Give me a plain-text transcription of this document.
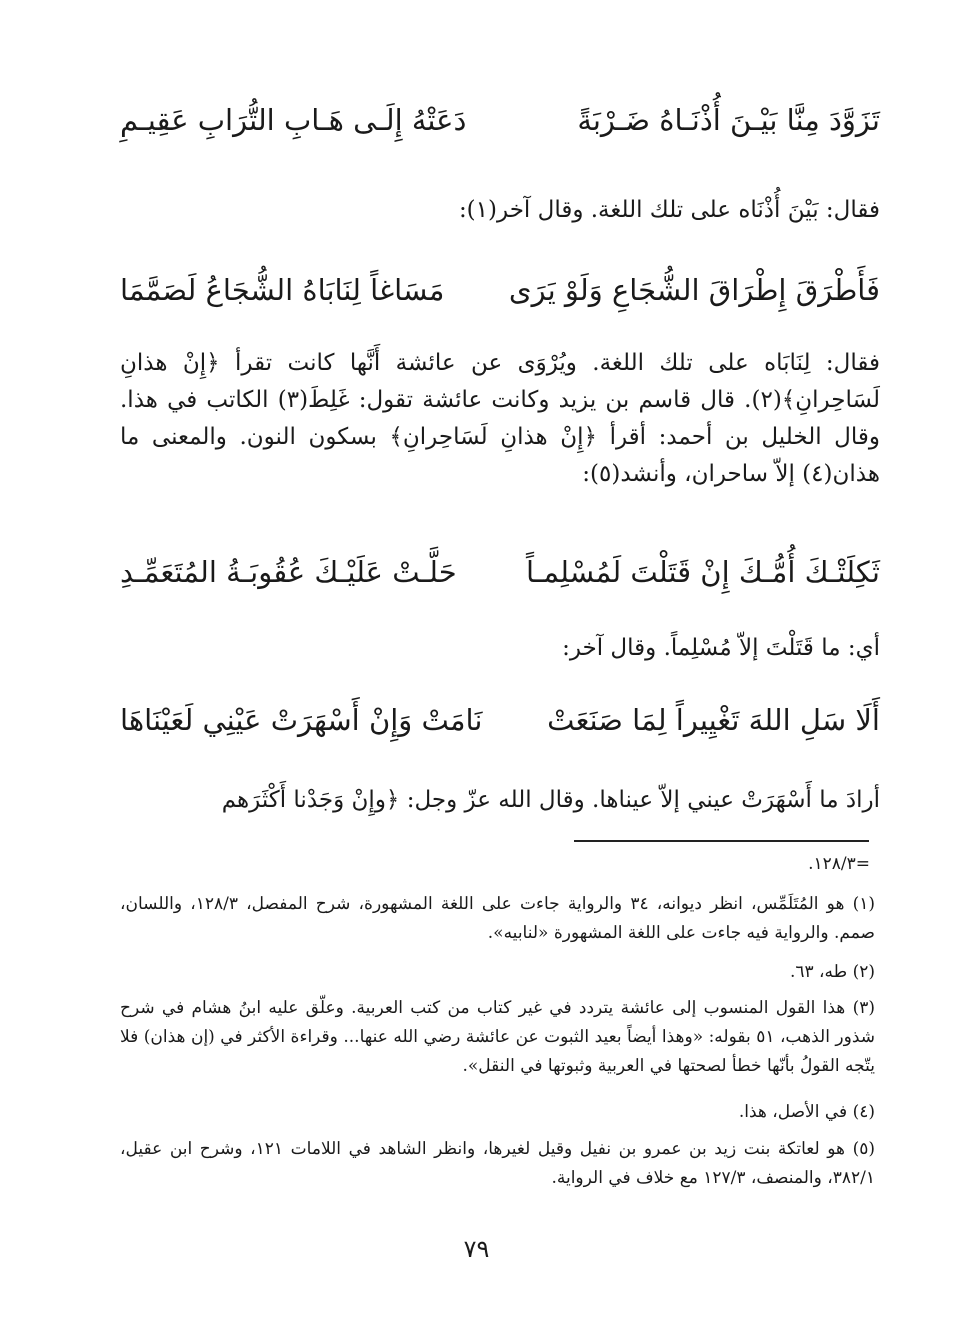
تَزَوَّدَ مِنَّا بَيْـنَ أُذْنَـاهُ ضَـرْبَةً
دَعَتْهُ إِلَـى هَـابِ التُّرَابِ عَقِيـمِ
فقال: بَيْنَ أُذْنَاه على تلك اللغة. وقال آخر(١):
فَأَطْرَقَ إِطْرَاقَ الشُّجَاعِ وَلَوْ يَرَى
مَسَاغاً لِنَابَاهُ الشُّجَاعُ لَصَمَّمَا
فقال: لِنَابَاه على تلك اللغة. ويُرْوَى عن عائشة أَنَّها كانت تقرأ ﴿إِنْ هذانِ لَسَاحِرانِ﴾(٢). قال قاسم بن يزيد وكانت عائشة تقول: غَلِطَ(٣) الكاتب في هذا. وقال الخليل بن أحمد: أقرأ ﴿إِنْ هذانِ لَسَاحِرانِ﴾ بسكون النون. والمعنى ما هذان(٤) إلاّ ساحران، وأنشد(٥):
ثَكِلَتْـكَ أُمُّـكَ إِنْ قَتَلْتَ لَمُسْلِمـاً
حَلَّـتْ عَلَيْـكَ عُقُوبَـةُ المُتَعَمِّـدِ
أي: ما قَتَلْتَ إلاّ مُسْلِماً. وقال آخر:
أَلَا سَلِ اللهَ تَغْيِيراً لِمَا صَنَعَتْ
نَامَتْ وَإِنْ أَسْهَرَتْ عَيْنِي لَعَيْنَاهَا
أرادَ ما أَسْهَرَتْ عيني إلاّ عيناها. وقال الله عزّ وجل: ﴿وإِنْ وَجَدْنا أَكْثَرَهم
=١٢٨/٣.
(١) هو المُتَلَمِّس، انظر ديوانه، ٣٤ والرواية جاءت على اللغة المشهورة، شرح المفصل، ١٢٨/٣، واللسان، صمم. والرواية فيه جاءت على اللغة المشهورة «لنابيه».
(٢) طه، ٦٣.
(٣) هذا القول المنسوب إلى عائشة يتردد في غير كتاب من كتب العربية. وعلّق عليه ابنُ هشام في شرح شذور الذهب، ٥١ بقوله: «وهذا أيضاً بعيد الثبوت عن عائشة رضي الله عنها... وقراءة الأكثر في (إن هذان) فلا يتّجه القولُ بأنّها خطأ لصحتها في العربية وثبوتها في النقل».
(٤) في الأصل، هذا.
(٥) هو لعاتكة بنت زيد بن عمرو بن نفيل وقيل لغيرها، وانظر الشاهد في اللامات ١٢١، وشرح ابن عقيل، ٣٨٢/١، والمنصف، ١٢٧/٣ مع خلاف في الرواية.
٧٩
